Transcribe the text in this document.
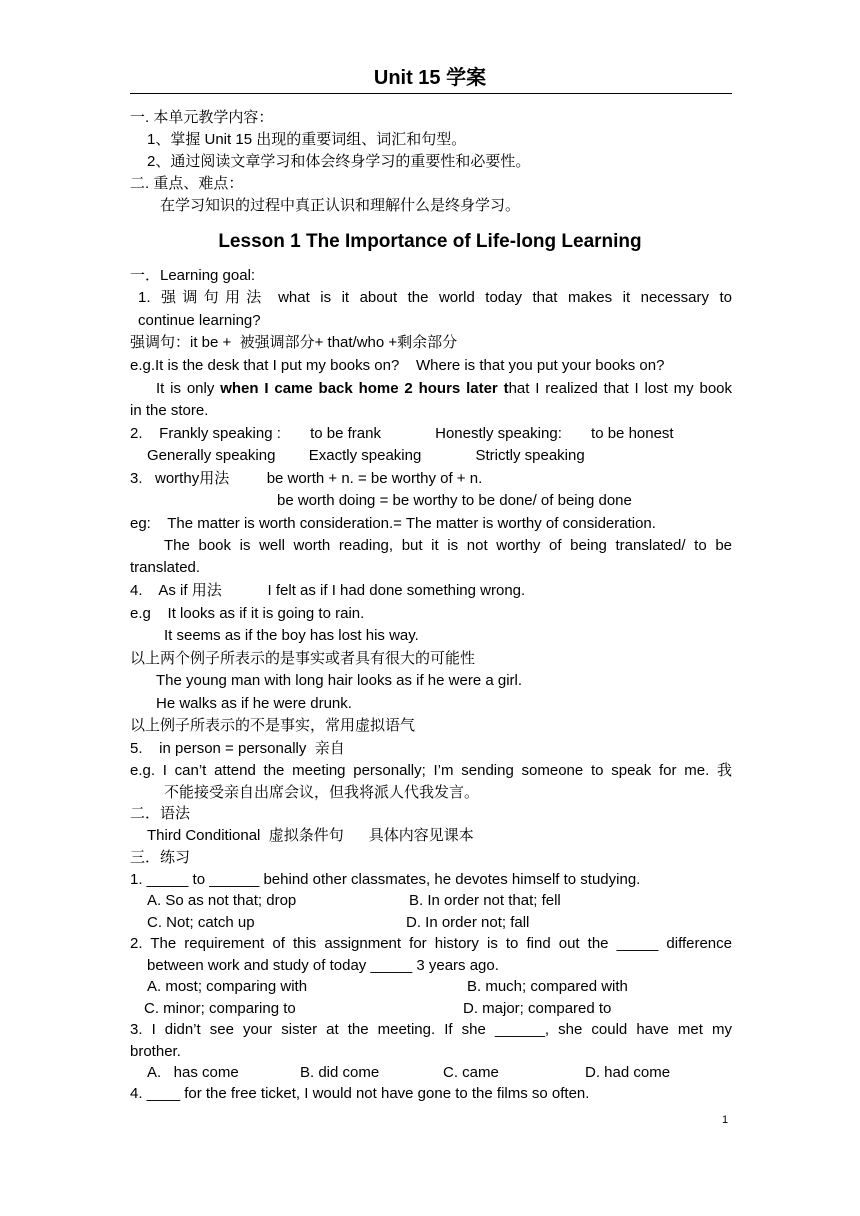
Unit 15 学案
一. 本单元教学内容：
1、掌握 Unit 15 出现的重要词组、词汇和句型。
2、通过阅读文章学习和体会终身学习的重要性和必要性。
二. 重点、难点：
在学习知识的过程中真正认识和理解什么是终身学习。
Lesson 1 The Importance of Life-long Learning
一．Learning goal:
1. 强调句用法 what is it about the world today that makes it necessary to
continue learning?
强调句：it be +  被强调部分+ that/who +剩余部分
e.g.It is the desk that I put my books on?    Where is that you put your books on?
It is only when I came back home 2 hours later that I realized that I lost my book
in the store.
2.    Frankly speaking :       to be frank             Honestly speaking:       to be honest
Generally speaking        Exactly speaking             Strictly speaking
3.   worthy用法         be worth + n. = be worthy of + n.
be worth doing = be worthy to be done/ of being done
eg:    The matter is worth consideration.= The matter is worthy of consideration.
The book is well worth reading, but it is not worthy of being translated/ to be
translated.
4.    As if 用法           I felt as if I had done something wrong.
e.g    It looks as if it is going to rain.
It seems as if the boy has lost his way.
以上两个例子所表示的是事实或者具有很大的可能性
The young man with long hair looks as if he were a girl.
He walks as if he were drunk.
以上例子所表示的不是事实，常用虚拟语气
5.    in person = personally  亲自
e.g. I can’t attend the meeting personally; I’m sending someone to speak for me. 我
不能接受亲自出席会议，但我将派人代我发言。
二．语法
Third Conditional  虚拟条件句      具体内容见课本
三．练习
1. _____ to ______ behind other classmates, he devotes himself to studying.
A. So as not that; drop	B. In order not that; fell
C. Not; catch up	D. In order not; fall
2. The requirement of this assignment for history is to find out the _____ difference
between work and study of today _____ 3 years ago.
A. most; comparing with	B. much; compared with
C. minor; comparing to	D. major; compared to
3. I didn’t see your sister at the meeting. If she ______, she could have met my
brother.
A.   has come	B. did come	C. came	D. had come
4. ____ for the free ticket, I would not have gone to the films so often.
1
